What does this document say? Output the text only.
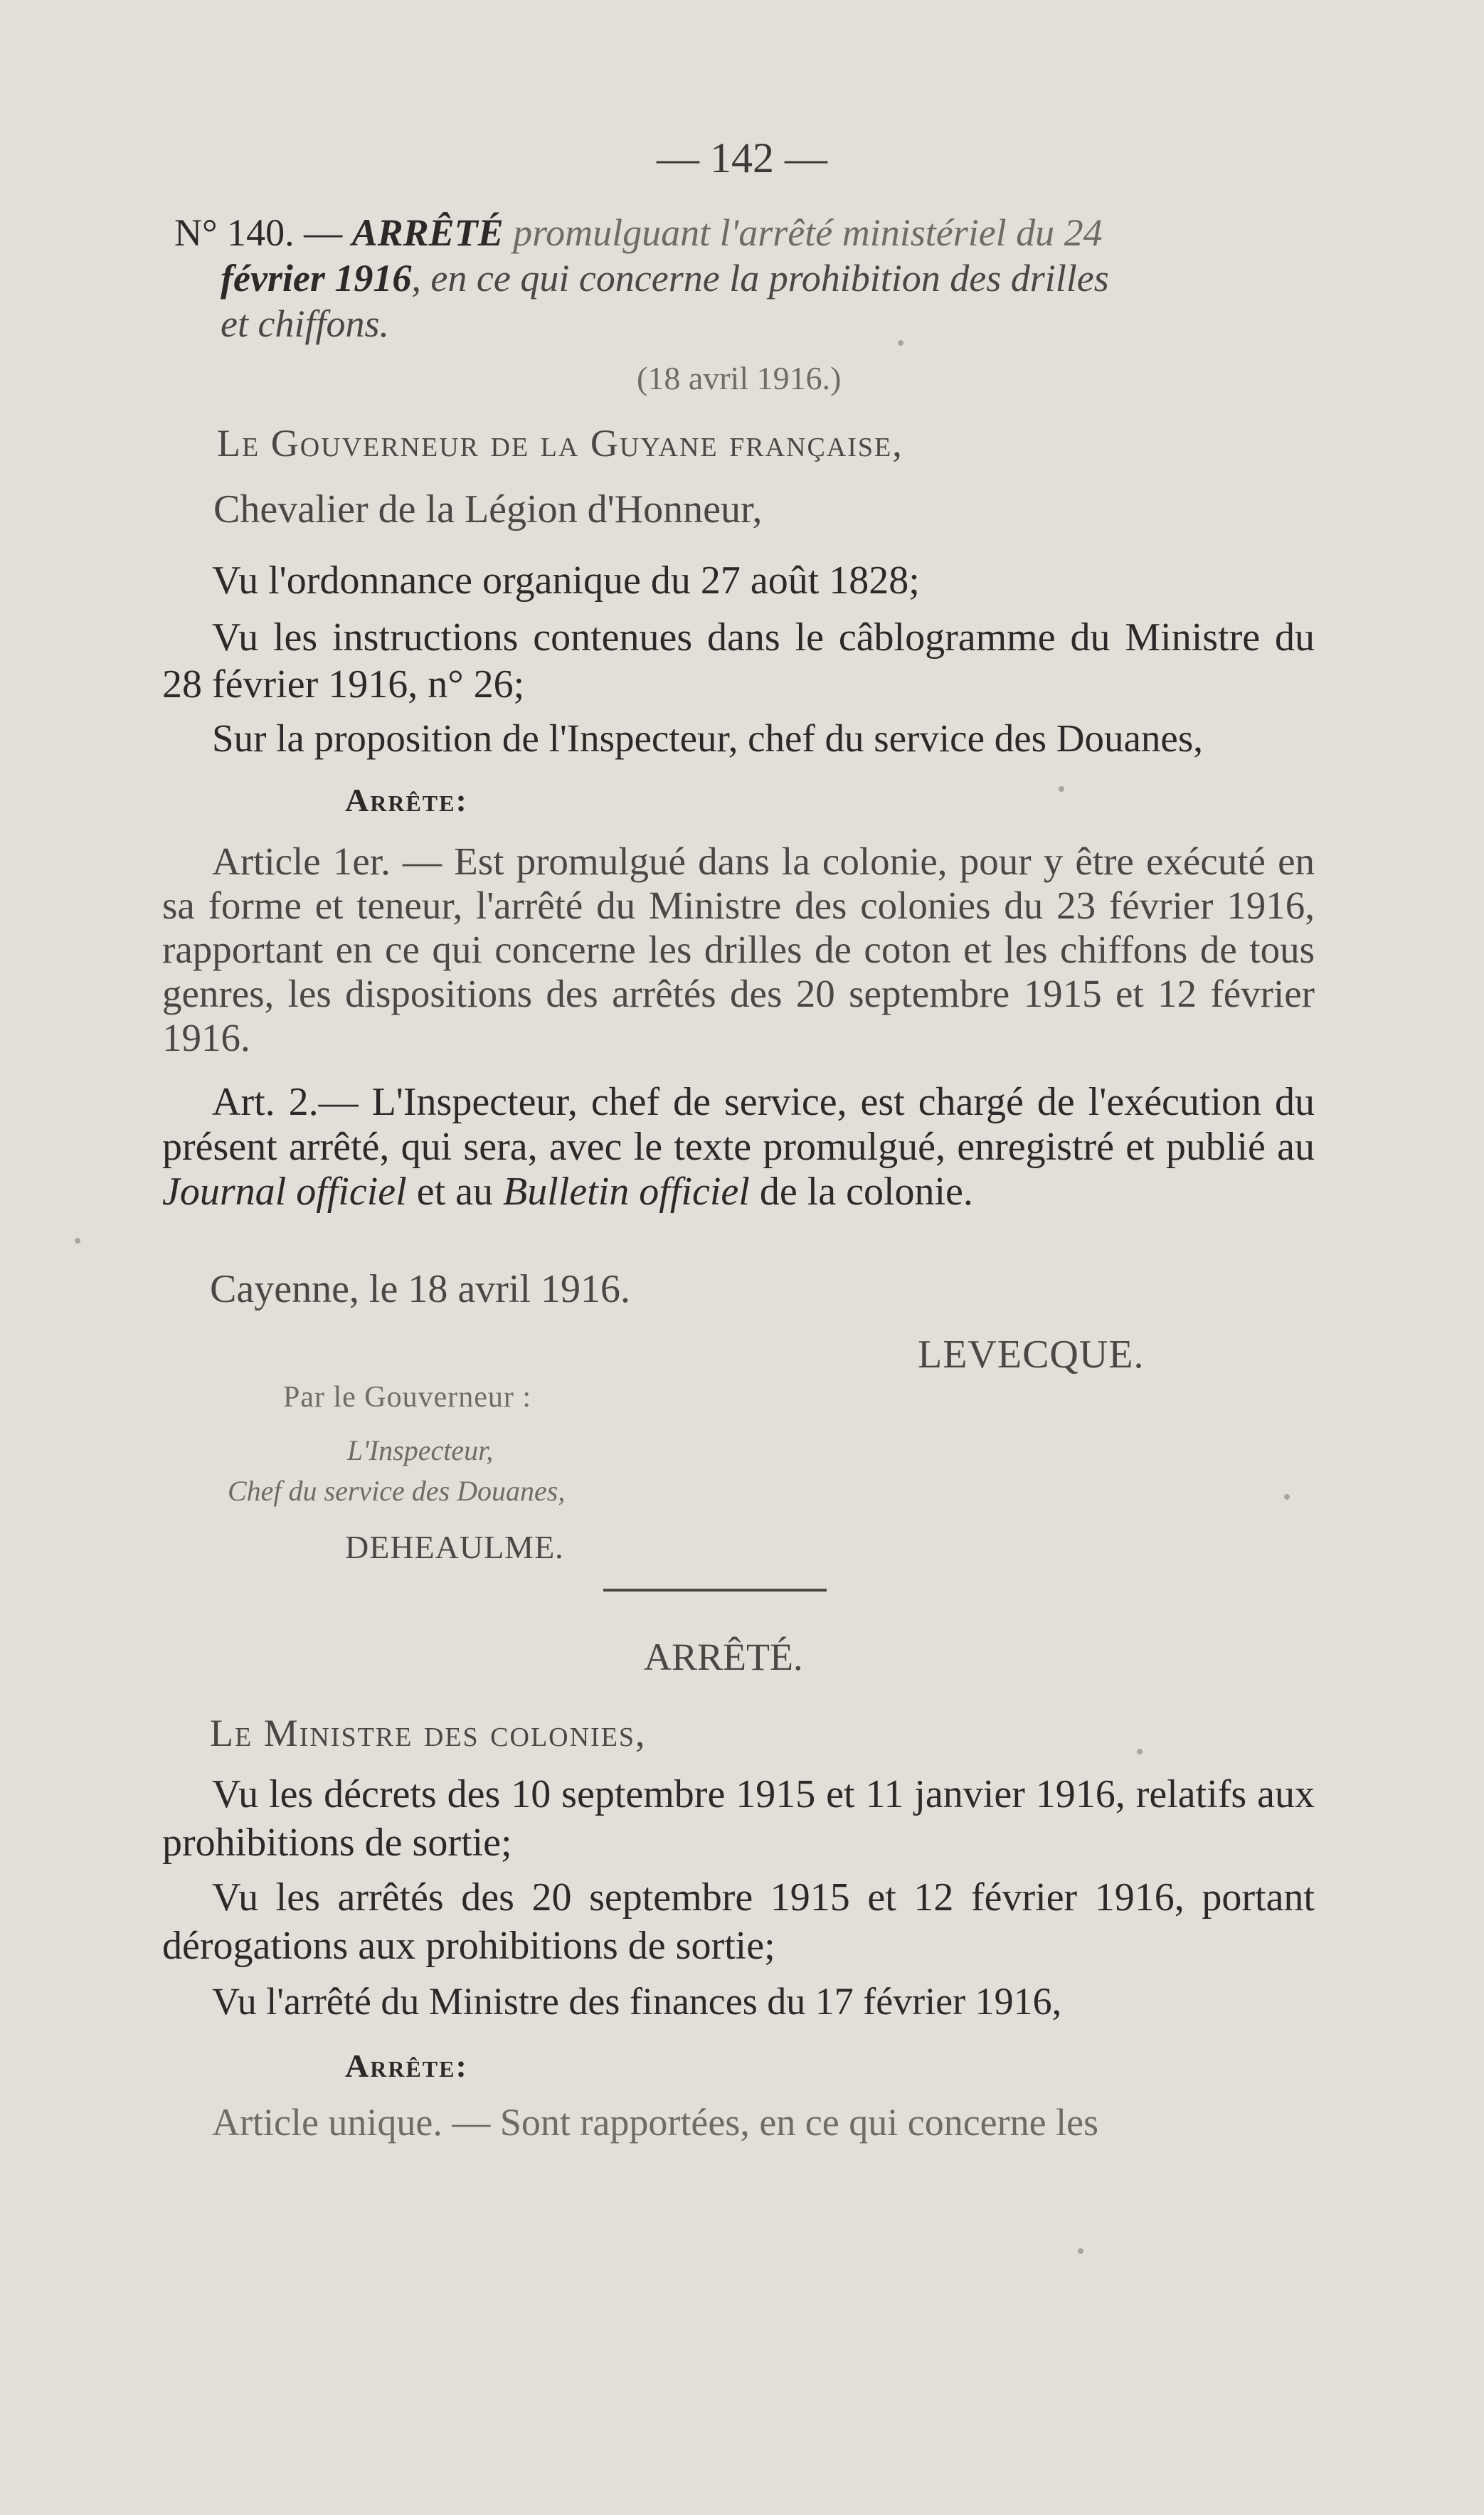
— 142 —
N° 140. — ARRÊTÉ promulguant l'arrêté ministériel du 24
février 1916, en ce qui concerne la prohibition des drilles
et chiffons.
(18 avril 1916.)
Le Gouverneur de la Guyane française,
Chevalier de la Légion d'Honneur,
Vu l'ordonnance organique du 27 août 1828;
Vu les instructions contenues dans le câblogramme du Ministre du 28 février 1916, n° 26;
Sur la proposition de l'Inspecteur, chef du service des Douanes,
Arrête:
Article 1er. — Est promulgué dans la colonie, pour y être exécuté en sa forme et teneur, l'arrêté du Ministre des colonies du 23 février 1916, rapportant en ce qui concerne les drilles de coton et les chiffons de tous genres, les dispositions des arrêtés des 20 septembre 1915 et 12 février 1916.
Art. 2.— L'Inspecteur, chef de service, est chargé de l'exécution du présent arrêté, qui sera, avec le texte promulgué, enregistré et publié au Journal officiel et au Bulletin officiel de la colonie.
Cayenne, le 18 avril 1916.
LEVECQUE.
Par le Gouverneur :
L'Inspecteur,
Chef du service des Douanes,
DEHEAULME.
ARRÊTÉ.
Le Ministre des colonies,
Vu les décrets des 10 septembre 1915 et 11 janvier 1916, relatifs aux prohibitions de sortie;
Vu les arrêtés des 20 septembre 1915 et 12 février 1916, portant dérogations aux prohibitions de sortie;
Vu l'arrêté du Ministre des finances du 17 février 1916,
Arrête:
Article unique. — Sont rapportées, en ce qui concerne les
